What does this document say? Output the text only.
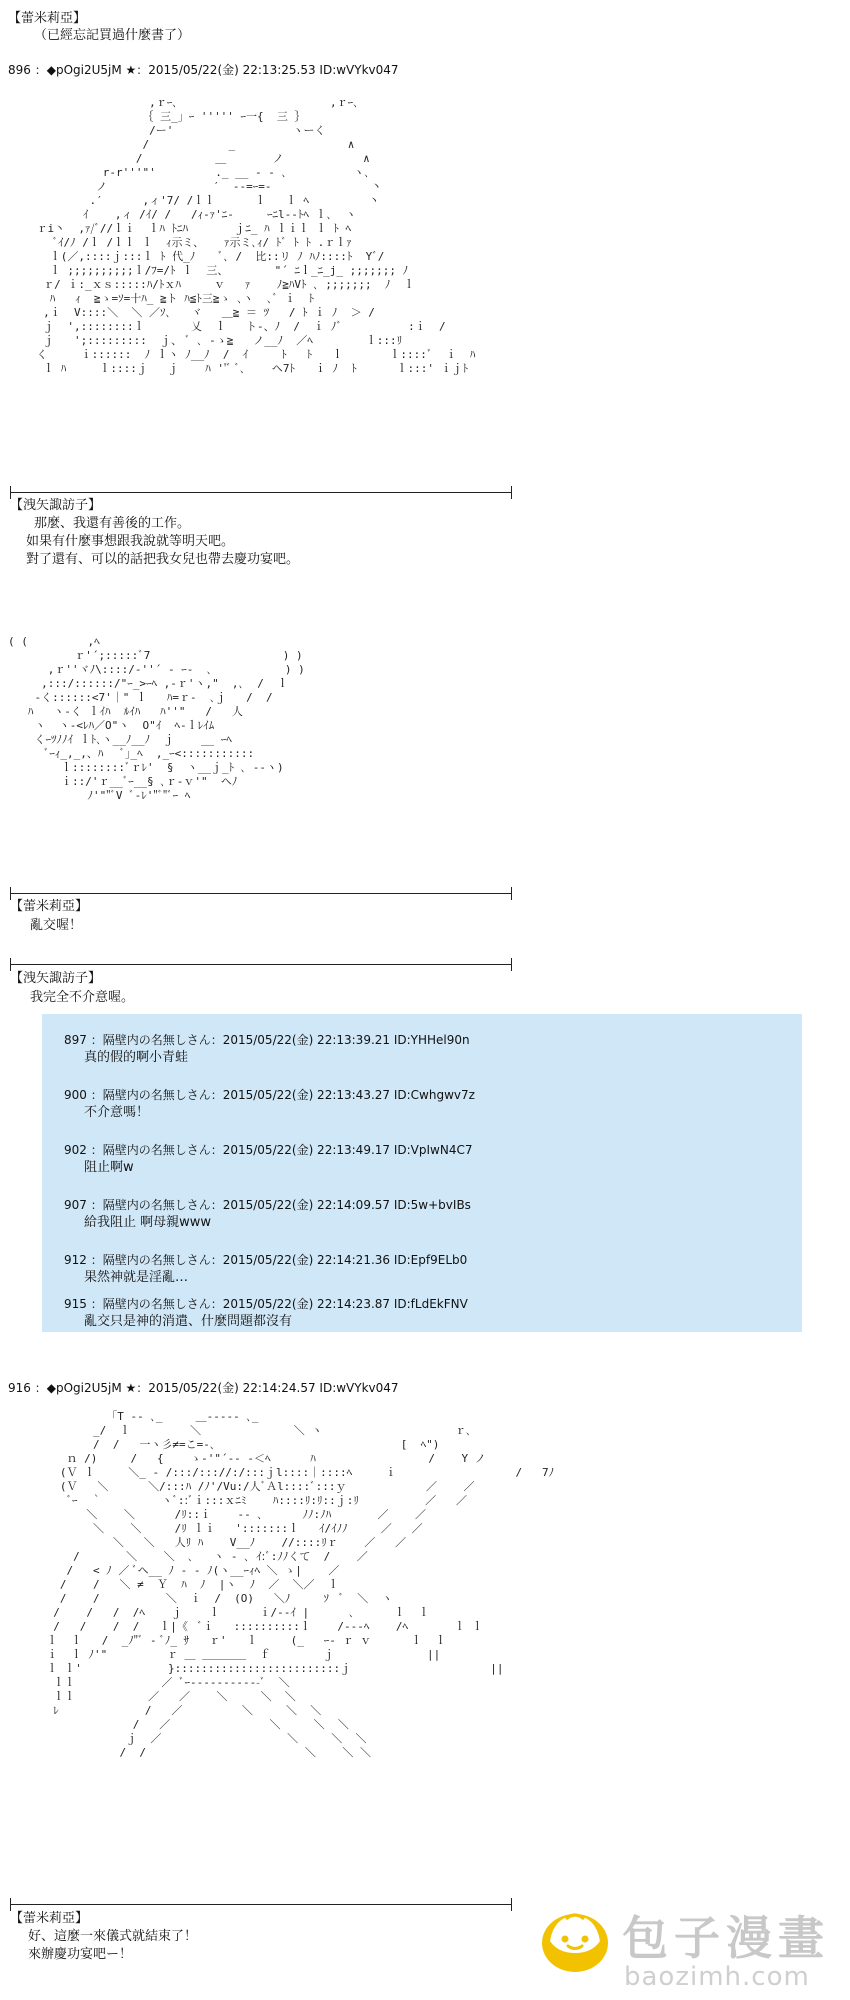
【蕾米莉亞】
（已經忘記買過什麼書了）
896 ：◆pOgi2U5jM ★：2015/05/22(金) 22:13:25.53 ID:wVYkv047
,ｒｰ､                       ,ｒｰ､
｛ 三_」ｰ ''''' ｰ一{  三 ｝
/ー'                  ヽーく
/            _                 ∧
/           ＿       ノ            ∧
r‐r'''"'         ._ __ - ‐ ､          ヽ､
ノ                ′  ‐‐=ｰ=‐               丶
.′      ,ィ'7/ /ｌｌ      ｌ   ｌ ﾍ         丶
ｲ    ,ィ /ｲ/ /   /ｨ-ｧ'ﾆ-     ｰﾆl‐‐ﾄﾍ ｌ､  ヽ
ｒi丶  ,ｧ/ﾞ//ｌｉ  ｌﾊ ﾄﾆﾊ       ｊﾆ_ ﾊ ｌｉｌ ｌ ﾄ ﾍ
ﾞｲ/ﾉ /ｌ /ｌｌ ｌ  ｨ示ミ、   ｧ示ミ､ｨ/ ﾄﾞ ﾄ ﾄ .ｒｌｧ
ｌ(／,::::ｊ:::ｌ ﾄ 代_ﾉ    ﾞ､ /  比::リ ﾉ ﾊﾉ::::ﾄ  Yﾞ/
ｌ ;;;;;;;;;;ｌ/ﾌ=/ﾄ ｌ  三、       "´ ﾆｌ_ﾆ_j_ ;;;;;;; ﾉ
ｒ/ ｉ:_ｘｓ:::::ﾊ/ﾄｘﾊ     ｖ   ｧ    ﾉ≧ﾊVﾄ ､ ;;;;;;;  ﾉ  ｌ
ﾊ   ｨ  ≧ゝ=ｿ=十ﾊ_ ≧ト ﾊ≦ﾄ三≧ゝ ､ヽ  ､ﾞ ｉ  ﾄ
,ｉ  V::::＼  ＼ ／ｿ､   ヾ   ＿≧ ＝ ﾂ   / ﾄ ｉ ﾉ  ＞ /
ｊ  ',::::::::ｌ       乂  ｌ   ト‐、ﾉ  /  ｉ ﾉﾞ          :ｉ  /
ｊ   ';:::::::::  ｊ、 ﾞ ､ ‐ゝ≧   ノ__ﾉ  ／ﾍ        ｌ:::ﾘ
く     ｉ::::::  ﾉ ｌヽ ﾉ__ﾉ  /  ｲ     ﾄ   ﾄ   ｌ       ｌ::::ﾞ  ｉ  ﾊ
ｌ ﾊ     ｌ::::ｊ   ｊ    ﾊ ''ﾞ ﾞ､    ヘ7ﾄ   ｉ ﾉ  ﾄ      ｌ:::' ｉｊﾄ
【洩矢諏訪子】
那麼、我還有善後的工作。
如果有什麼事想跟我說就等明天吧。
對了還有、可以的話把我女兒也帶去慶功宴吧。
( (         ,ﾍ
ｒ'´;:::::ﾞ7                    ) )
,ｒ''ヾﾉ\::::/‐''´ ‐ ｰ-  ､           ) )
,:::/::::::/"ｰ_>ｰﾍ ,-ｒ'ヽ,"  ,､  /  ｌ
‐く::::::<7'｜" ｌ   ﾊ=ｒ-  ､ｊ   /  /
ﾊ   ヽ‐く ｌｲﾊ  ﾙｲﾊ   ﾊ''"   /   人
ヽ  ヽ‐<ﾚﾊ／O"ヽ  O"ｲ  ﾍ‐ｌﾚｲﾑ
くｰﾂﾉﾉｲ ｌﾄ､ヽ__ﾉ__ﾉ  ｊ    __ ｰﾍ
ﾞｰｨ_,_,、ﾊ   ﾞ｣_ﾍ  ,_ｰ<:::::::::::
ｌ::::::::ﾞｒﾚ'  §  ヽ__ｊ_ﾄ ､ ‐‐ヽ)
ｉ::/'ｒ__ﾞｰ__§ ､ｒ‐ｖ'"  ヘﾉ
ﾉ'""ﾞV ﾞ-ﾚ'"ﾞ"ﾞｰ ﾍ
【蕾米莉亞】
亂交喔！
【洩矢諏訪子】
我完全不介意喔。
897 ：隔壁内の名無しさん：2015/05/22(金) 22:13:39.21 ID:YHHel90n
真的假的啊小青蛙
900 ：隔壁内の名無しさん：2015/05/22(金) 22:13:43.27 ID:Cwhgwv7z
不介意嗎！
902 ：隔壁内の名無しさん：2015/05/22(金) 22:13:49.17 ID:VpIwN4C7
阻止啊w
907 ：隔壁内の名無しさん：2015/05/22(金) 22:14:09.57 ID:5w+bvIBs
給我阻止 啊母親www
912 ：隔壁内の名無しさん：2015/05/22(金) 22:14:21.36 ID:Epf9ELb0
果然神就是淫亂…
915 ：隔壁内の名無しさん：2015/05/22(金) 22:14:23.87 ID:fLdEkFNV
亂交只是神的消遣、什麼問題都沒有
916 ：◆pOgi2U5jM ★：2015/05/22(金) 22:14:24.57 ID:wVYkv047
「T ‐‐ ､_     ＿‐‐‐‐‐ ､_
_/  ｌ         ＼              ＼ ヽ                    ｒ､
/  /   一ヽ彡≠=こ=‐､                            [  ﾍ")
ｎ /)     /   {    ゝ‐'"´‐‐ ‐＜ﾍ      ﾊ                 /    Y ノ
(Ｖ ｌ     ＼_ - /:::/::://:/:::ｊl::::｜::::ﾍ     ｉ                  /   7ﾉ
(Ｖ   ＼      ＼/:::ﾊ /ﾉ'/Vu:/人ﾞＡl::::ﾞ:::ｙ            ／    ／
ﾞｰ  ｀         ヽﾞ::ﾞｉ:::ｘﾆﾐ    ﾊ::::ﾘ:ﾘ::ｊ:ﾘ          ／   ／
＼    ＼      /ﾘ::ｉ    ‐‐ ､      ﾉﾉ:ﾉﾊ       ／    ／
＼    ＼     /ﾘ ｌｉ   ':::::::ｌ   ｲ/ｲﾉﾉ     ／   ／
＼   ＼   人ﾘ ﾊ    V__ﾉ    //::::ﾘｒ    ／   ／
/       ＼    ＼  ､   ヽ ‐ ､ ｲ:ﾞ:ﾉﾉくて  /    ／
/   < ﾉ ／ ﾞヘ__ ﾉ ‐ ‐ ﾉ(ヽ__ｰｨﾍ ＼ ゝ|    ／
/    /   ＼ ≠  Ｙ  ﾊ  ﾉ  |ヽ  ﾉ  ／  ＼／  ｌ
/    /          ＼  ｉ  /  (O)   ＼ﾉ     ｿ  ﾞ  ＼  ヽ
/    /   /  /ﾍ    ｊ    ｌ      ｉ/‐‐ｲ |      ､      ｌ  ｌ
/   /    /  /   ｌ|《  ﾞｉ   ::::::::::ｌ    /‐‐‐ﾍ    /ﾍ       ｌ ｌ
ｌ  ｌ   /  _ﾉ"ﾞ ‐ ﾞﾉ_ ｻ   ｒ'   ｌ     (_   ｰ‐ ｒ ｖ      ｌ  ｌ
ｉ  ｌ ﾉ'"         ｒ ＿ ＿＿＿＿  ｆ        ｊ              ||
ｌ ｌ'             }:::::::::::::::::::::::::ｊ                     ||
ｌｌ             ／ ﾞｰ‐‐‐‐‐‐‐‐‐‐-ﾞ  ＼
ｌｌ           ／   ／    ＼     ＼  ＼
ﾚ             /   ／         ＼     ＼  ＼
/   ／               ＼     ＼  ＼
ｊ  ／                   ＼     ＼  ＼
/  /                        ＼    ＼ ＼
【蕾米莉亞】
好、這麼一來儀式就結束了！
來辦慶功宴吧ー！	包子漫畫
baozimh.com
